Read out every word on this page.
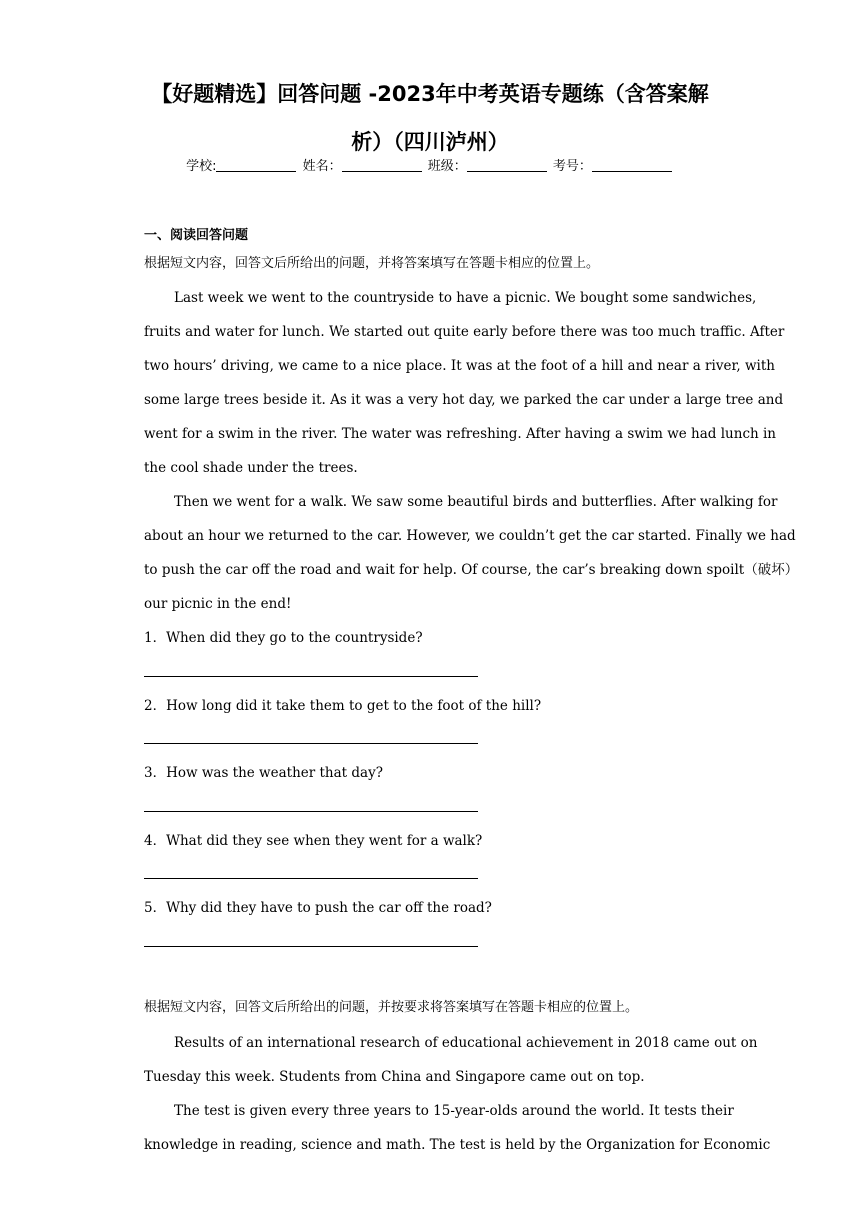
【好题精选】回答问题 -2023年中考英语专题练（含答案解
析）（四川泸州）
学校:	姓名：	班级：	考号：
一、阅读回答问题
根据短文内容，回答文后所给出的问题，并将答案填写在答题卡相应的位置上。
Last week we went to the countryside to have a picnic. We bought some sandwiches,
fruits and water for lunch. We started out quite early before there was too much traffic. After
two hours’ driving, we came to a nice place. It was at the foot of a hill and near a river, with
some large trees beside it. As it was a very hot day, we parked the car under a large tree and
went for a swim in the river. The water was refreshing. After having a swim we had lunch in
the cool shade under the trees.
Then we went for a walk. We saw some beautiful birds and butterflies. After walking for
about an hour we returned to the car. However, we couldn’t get the car started. Finally we had
to push the car off the road and wait for help. Of course, the car’s breaking down spoilt（破坏）
our picnic in the end!
1．When did they go to the countryside?
2．How long did it take them to get to the foot of the hill?
3．How was the weather that day?
4．What did they see when they went for a walk?
5．Why did they have to push the car off the road?
根据短文内容，回答文后所给出的问题，并按要求将答案填写在答题卡相应的位置上。
Results of an international research of educational achievement in 2018 came out on
Tuesday this week. Students from China and Singapore came out on top.
The test is given every three years to 15-year-olds around the world. It tests their
knowledge in reading, science and math. The test is held by the Organization for Economic
